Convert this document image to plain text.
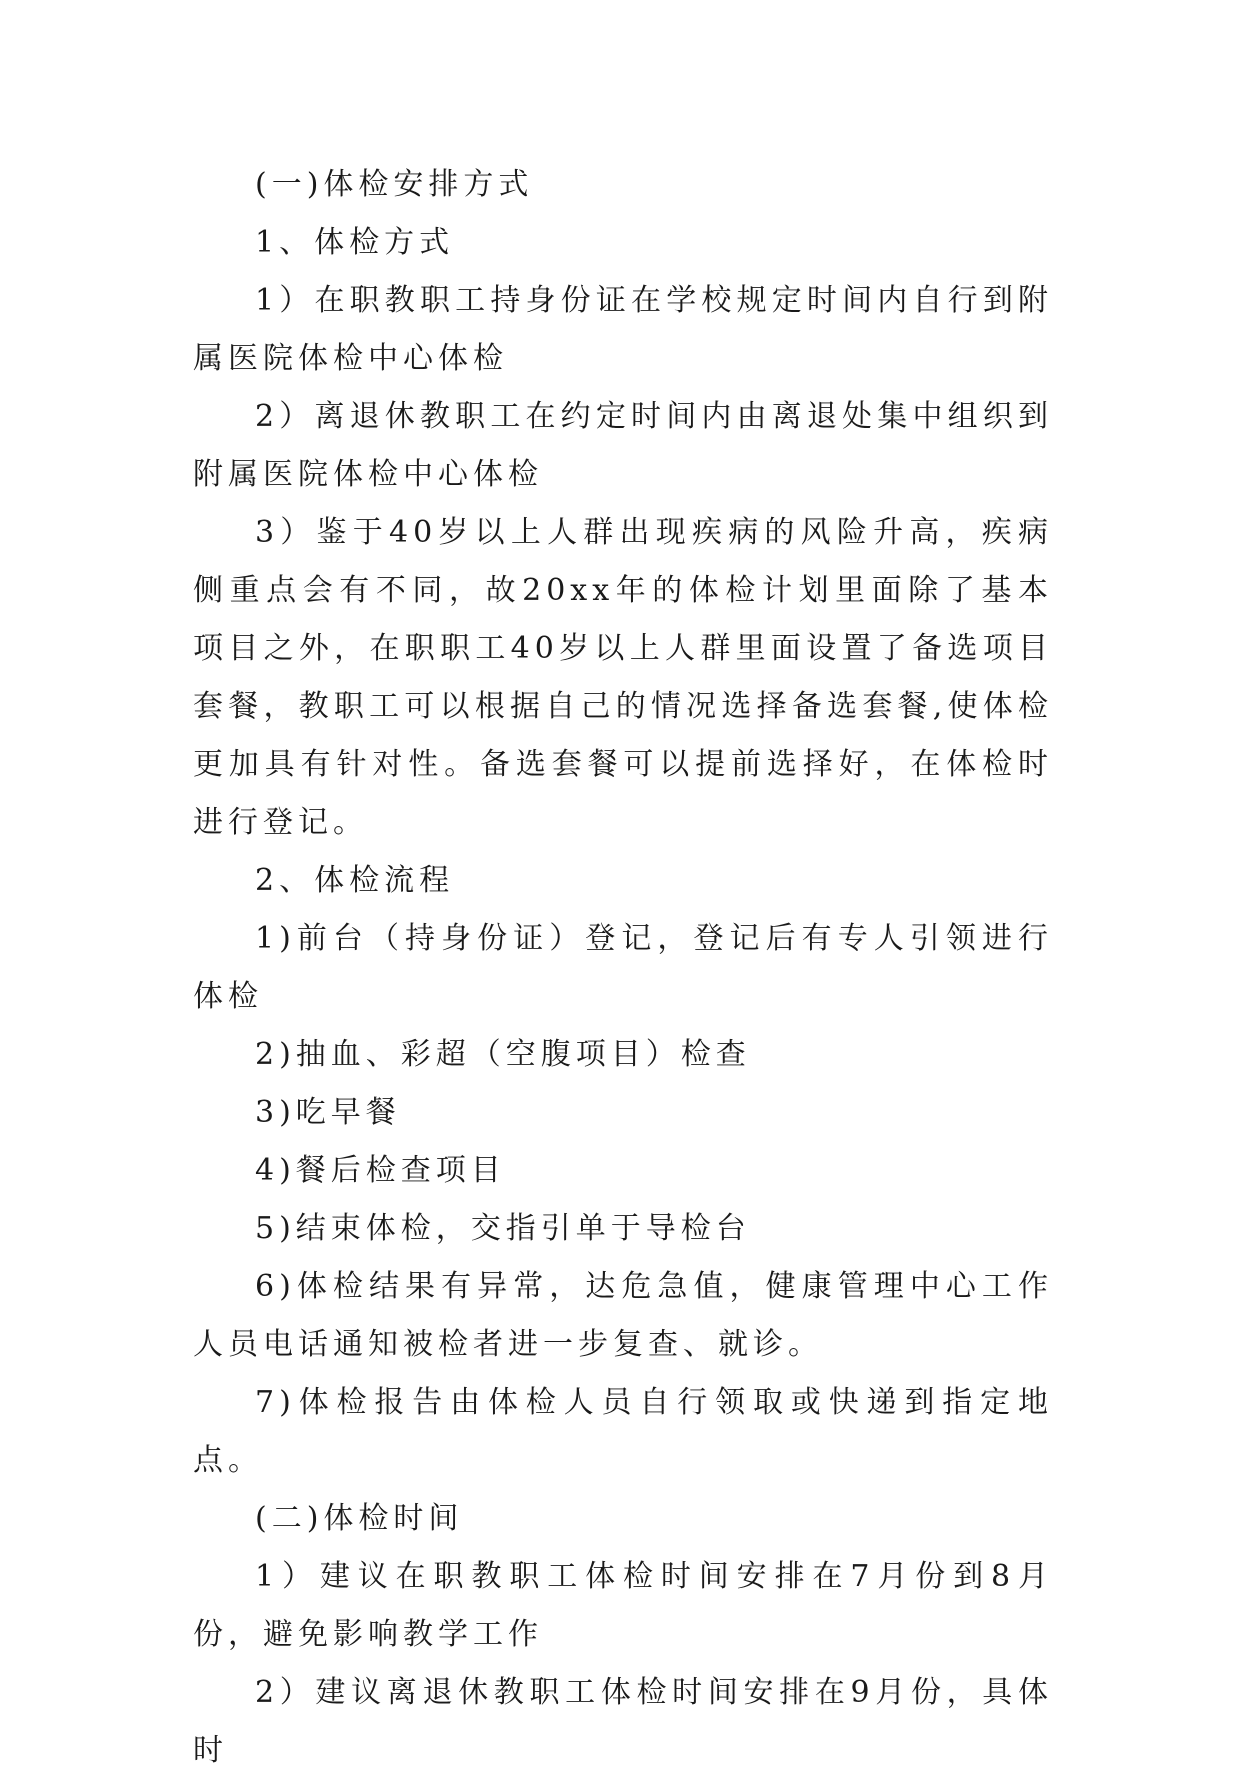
(一)体检安排方式

1、体检方式

1）在职教职工持身份证在学校规定时间内自行到附属医院体检中心体检

2）离退休教职工在约定时间内由离退处集中组织到附属医院体检中心体检

3）鉴于40岁以上人群出现疾病的风险升高，疾病侧重点会有不同，故20xx年的体检计划里面除了基本项目之外，在职职工40岁以上人群里面设置了备选项目套餐，教职工可以根据自己的情况选择备选套餐,使体检更加具有针对性。备选套餐可以提前选择好，在体检时进行登记。

2、体检流程

1)前台（持身份证）登记，登记后有专人引领进行体检

2)抽血、彩超（空腹项目）检查

3)吃早餐

4)餐后检查项目

5)结束体检，交指引单于导检台

6)体检结果有异常，达危急值，健康管理中心工作人员电话通知被检者进一步复查、就诊。

7)体检报告由体检人员自行领取或快递到指定地点。

(二)体检时间

1）建议在职教职工体检时间安排在7月份到8月份，避免影响教学工作

2）建议离退休教职工体检时间安排在9月份，具体时
